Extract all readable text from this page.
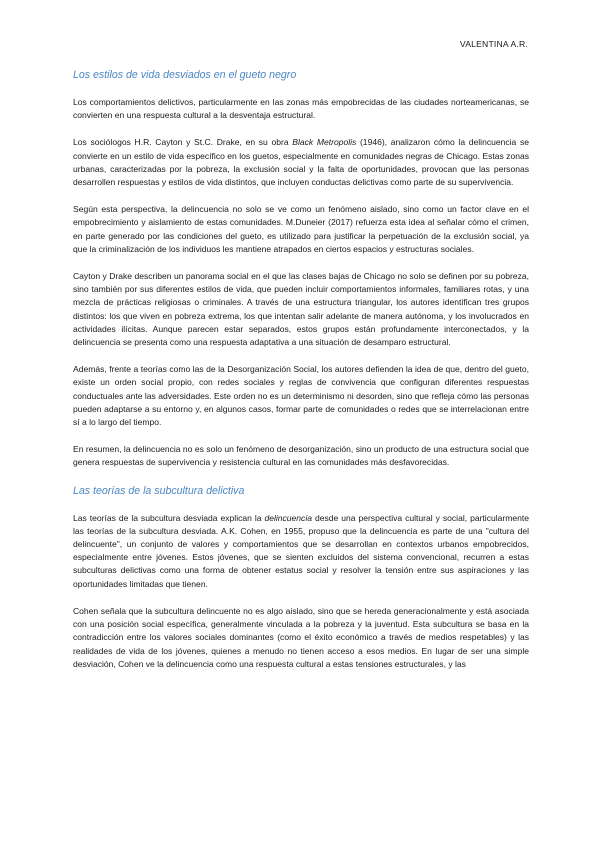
VALENTINA A.R.
Los estilos de vida desviados en el gueto negro

Los comportamientos delictivos, particularmente en las zonas más empobrecidas de las ciudades norteamericanas, se convierten en una respuesta cultural a la desventaja estructural.

Los sociólogos H.R. Cayton y St.C. Drake, en su obra Black Metropolis (1946), analizaron cómo la delincuencia se convierte en un estilo de vida específico en los guetos, especialmente en comunidades negras de Chicago. Estas zonas urbanas, caracterizadas por la pobreza, la exclusión social y la falta de oportunidades, provocan que las personas desarrollen respuestas y estilos de vida distintos, que incluyen conductas delictivas como parte de su supervivencia.

Según esta perspectiva, la delincuencia no solo se ve como un fenómeno aislado, sino como un factor clave en el empobrecimiento y aislamiento de estas comunidades. M.Duneier (2017) refuerza esta idea al señalar cómo el crimen, en parte generado por las condiciones del gueto, es utilizado para justificar la perpetuación de la exclusión social, ya que la criminalización de los individuos les mantiene atrapados en ciertos espacios y estructuras sociales.

Cayton y Drake describen un panorama social en el que las clases bajas de Chicago no solo se definen por su pobreza, sino también por sus diferentes estilos de vida, que pueden incluir comportamientos informales, familiares rotas, y una mezcla de prácticas religiosas o criminales. A través de una estructura triangular, los autores identifican tres grupos distintos: los que viven en pobreza extrema, los que intentan salir adelante de manera autónoma, y los involucrados en actividades ilícitas. Aunque parecen estar separados, estos grupos están profundamente interconectados, y la delincuencia se presenta como una respuesta adaptativa a una situación de desamparo estructural.

Además, frente a teorías como las de la Desorganización Social, los autores defienden la idea de que, dentro del gueto, existe un orden social propio, con redes sociales y reglas de convivencia que configuran diferentes respuestas conductuales ante las adversidades. Este orden no es un determinismo ni desorden, sino que refleja cómo las personas pueden adaptarse a su entorno y, en algunos casos, formar parte de comunidades o redes que se interrelacionan entre sí a lo largo del tiempo.

En resumen, la delincuencia no es solo un fenómeno de desorganización, sino un producto de una estructura social que genera respuestas de supervivencia y resistencia cultural en las comunidades más desfavorecidas.

Las teorías de la subcultura delictiva

Las teorías de la subcultura desviada explican la delincuencia desde una perspectiva cultural y social, particularmente las teorías de la subcultura desviada. A.K. Cohen, en 1955, propuso que la delincuencia es parte de una "cultura del delincuente", un conjunto de valores y comportamientos que se desarrollan en contextos urbanos empobrecidos, especialmente entre jóvenes. Estos jóvenes, que se sienten excluidos del sistema convencional, recurren a estas subculturas delictivas como una forma de obtener estatus social y resolver la tensión entre sus aspiraciones y las oportunidades limitadas que tienen.

Cohen señala que la subcultura delincuente no es algo aislado, sino que se hereda generacionalmente y está asociada con una posición social específica, generalmente vinculada a la pobreza y la juventud. Esta subcultura se basa en la contradicción entre los valores sociales dominantes (como el éxito económico a través de medios respetables) y las realidades de vida de los jóvenes, quienes a menudo no tienen acceso a esos medios. En lugar de ser una simple desviación, Cohen ve la delincuencia como una respuesta cultural a estas tensiones estructurales, y las
